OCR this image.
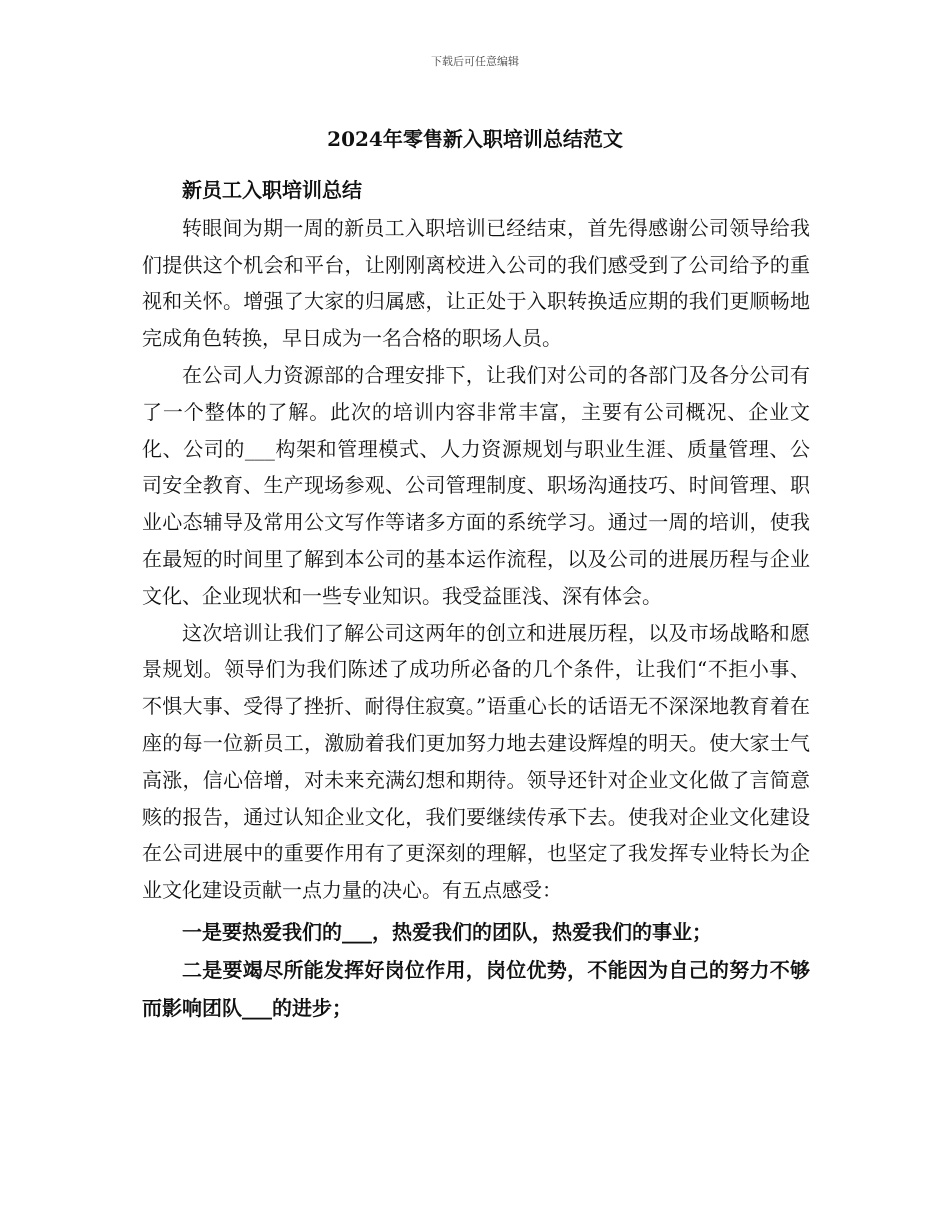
下载后可任意编辑
2024年零售新入职培训总结范文

新员工入职培训总结

转眼间为期一周的新员工入职培训已经结束，首先得感谢公司领导给我们提供这个机会和平台，让刚刚离校进入公司的我们感受到了公司给予的重视和关怀。增强了大家的归属感，让正处于入职转换适应期的我们更顺畅地完成角色转换，早日成为一名合格的职场人员。

在公司人力资源部的合理安排下，让我们对公司的各部门及各分公司有了一个整体的了解。此次的培训内容非常丰富，主要有公司概况、企业文化、公司的___构架和管理模式、人力资源规划与职业生涯、质量管理、公司安全教育、生产现场参观、公司管理制度、职场沟通技巧、时间管理、职业心态辅导及常用公文写作等诸多方面的系统学习。通过一周的培训，使我在最短的时间里了解到本公司的基本运作流程，以及公司的进展历程与企业文化、企业现状和一些专业知识。我受益匪浅、深有体会。

这次培训让我们了解公司这两年的创立和进展历程，以及市场战略和愿景规划。领导们为我们陈述了成功所必备的几个条件，让我们“不拒小事、不惧大事、受得了挫折、耐得住寂寞。”语重心长的话语无不深深地教育着在座的每一位新员工，激励着我们更加努力地去建设辉煌的明天。使大家士气高涨，信心倍增，对未来充满幻想和期待。领导还针对企业文化做了言简意赅的报告，通过认知企业文化，我们要继续传承下去。使我对企业文化建设在公司进展中的重要作用有了更深刻的理解，也坚定了我发挥专业特长为企业文化建设贡献一点力量的决心。有五点感受：

一是要热爱我们的___，热爱我们的团队，热爱我们的事业；

二是要竭尽所能发挥好岗位作用，岗位优势，不能因为自己的努力不够而影响团队___的进步；
